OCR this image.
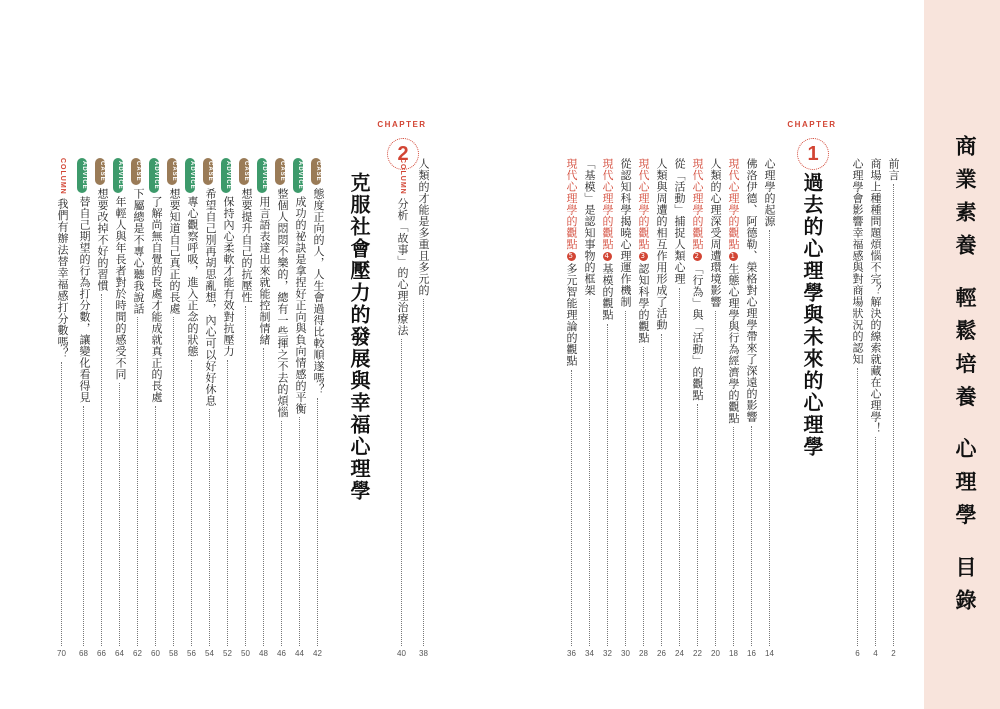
商業素養 輕鬆培養 心理學 目錄
前言
2
商場上種種問題煩惱不完？解決的線索就藏在心理學！
4
心理學會影響幸福感與對商場狀況的認知
6
CHAPTER
1
過去的心理學與未來的心理學
心理學的起源
14
佛洛伊德、阿德勒、榮格對心理學帶來了深遠的影響
16
現代心理學的觀點1生態心理學與行為經濟學的觀點
18
人類的心理深受周遭環境影響
20
現代心理學的觀點2「行為」與「活動」的觀點
22
從「活動」捕捉人類心理
24
人類與周遭的相互作用形成了活動
26
現代心理學的觀點3認知科學的觀點
28
從認知科學揭曉心理運作機制
30
現代心理學的觀點4基模的觀點
32
「基模」是認知事物的框架
34
現代心理學的觀點5多元智能理論的觀點
36
CHAPTER
2
克服社會壓力的發展與幸福心理學	人類的才能是多重且多元的
38
COLUMN分析「故事」的心理治療法
40
CASE態度正向的人，人生會過得比較順遂嗎？
42
ADVICE成功的祕訣是拿捏好正向與負向情感的平衡
44
CASE整個人悶悶不樂的，總有一些揮之不去的煩惱
46
ADVICE用言語表達出來就能控制情緒
48
CASE想要提升自己的抗壓性
50
ADVICE保持內心柔軟才能有效對抗壓力
52
CASE希望自己別再胡思亂想，內心可以好好休息
54
ADVICE專心觀察呼吸，進入正念的狀態
56
CASE想要知道自己真正的長處
58
ADVICE了解尚無自覺的長處才能成就真正的長處
60
CASE下屬總是不專心聽我說話
62
ADVICE年輕人與年長者對於時間的感受不同
64
CASE想要改掉不好的習慣
66
ADVICE替自己期望的行為打分數，讓變化看得見
68
COLUMN我們有辦法替幸福感打分數嗎？
70
